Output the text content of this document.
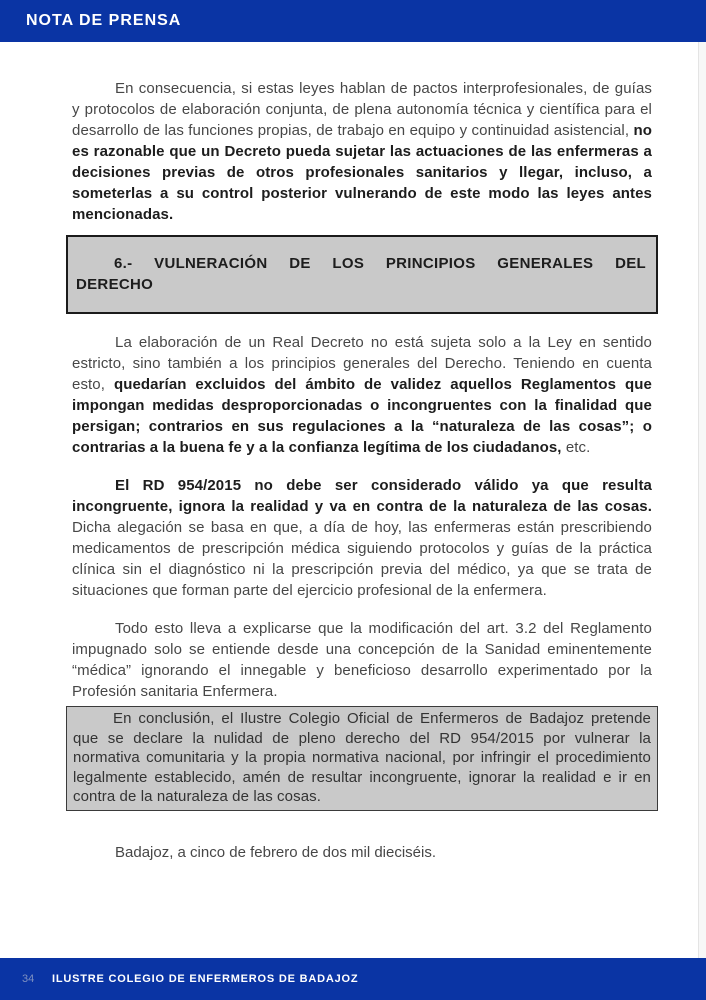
NOTA DE PRENSA

En consecuencia, si estas leyes hablan de pactos interprofesionales, de guías y protocolos de elaboración conjunta, de plena autonomía técnica y científica para el desarrollo de las funciones propias, de trabajo en equipo y continuidad asistencial, no es razonable que un Decreto pueda sujetar las actuaciones de las enfermeras a decisiones previas de otros profesionales sanitarios y llegar, incluso, a someterlas a su control posterior vulnerando de este modo las leyes antes mencionadas.

6.- VULNERACIÓN DE LOS PRINCIPIOS GENERALES DEL DERECHO

La elaboración de un Real Decreto no está sujeta solo a la Ley en sentido estricto, sino también a los principios generales del Derecho. Teniendo en cuenta esto, quedarían excluidos del ámbito de validez aquellos Reglamentos que impongan medidas desproporcionadas o incongruentes con la finalidad que persigan; contrarios en sus regulaciones a la “naturaleza de las cosas”; o contrarias a la buena fe y a la confianza legítima de los ciudadanos, etc.

El RD 954/2015 no debe ser considerado válido ya que resulta incongruente, ignora la realidad y va en contra de la naturaleza de las cosas. Dicha alegación se basa en que, a día de hoy, las enfermeras están prescribiendo medicamentos de prescripción médica siguiendo protocolos y guías de la práctica clínica sin el diagnóstico ni la prescripción previa del médico, ya que se trata de situaciones que forman parte del ejercicio profesional de la enfermera.

Todo esto lleva a explicarse que la modificación del art. 3.2 del Reglamento impugnado solo se entiende desde una concepción de la Sanidad eminentemente “médica” ignorando el innegable y beneficioso desarrollo experimentado por la Profesión sanitaria Enfermera.

En conclusión, el Ilustre Colegio Oficial de Enfermeros de Badajoz pretende que se declare la nulidad de pleno derecho del RD 954/2015 por vulnerar la normativa comunitaria y la propia normativa nacional, por infringir el procedimiento legalmente establecido, amén de resultar incongruente, ignorar la realidad e ir en contra de la naturaleza de las cosas.

Badajoz, a cinco de febrero de dos mil dieciséis.

34	ILUSTRE COLEGIO DE ENFERMEROS DE BADAJOZ
